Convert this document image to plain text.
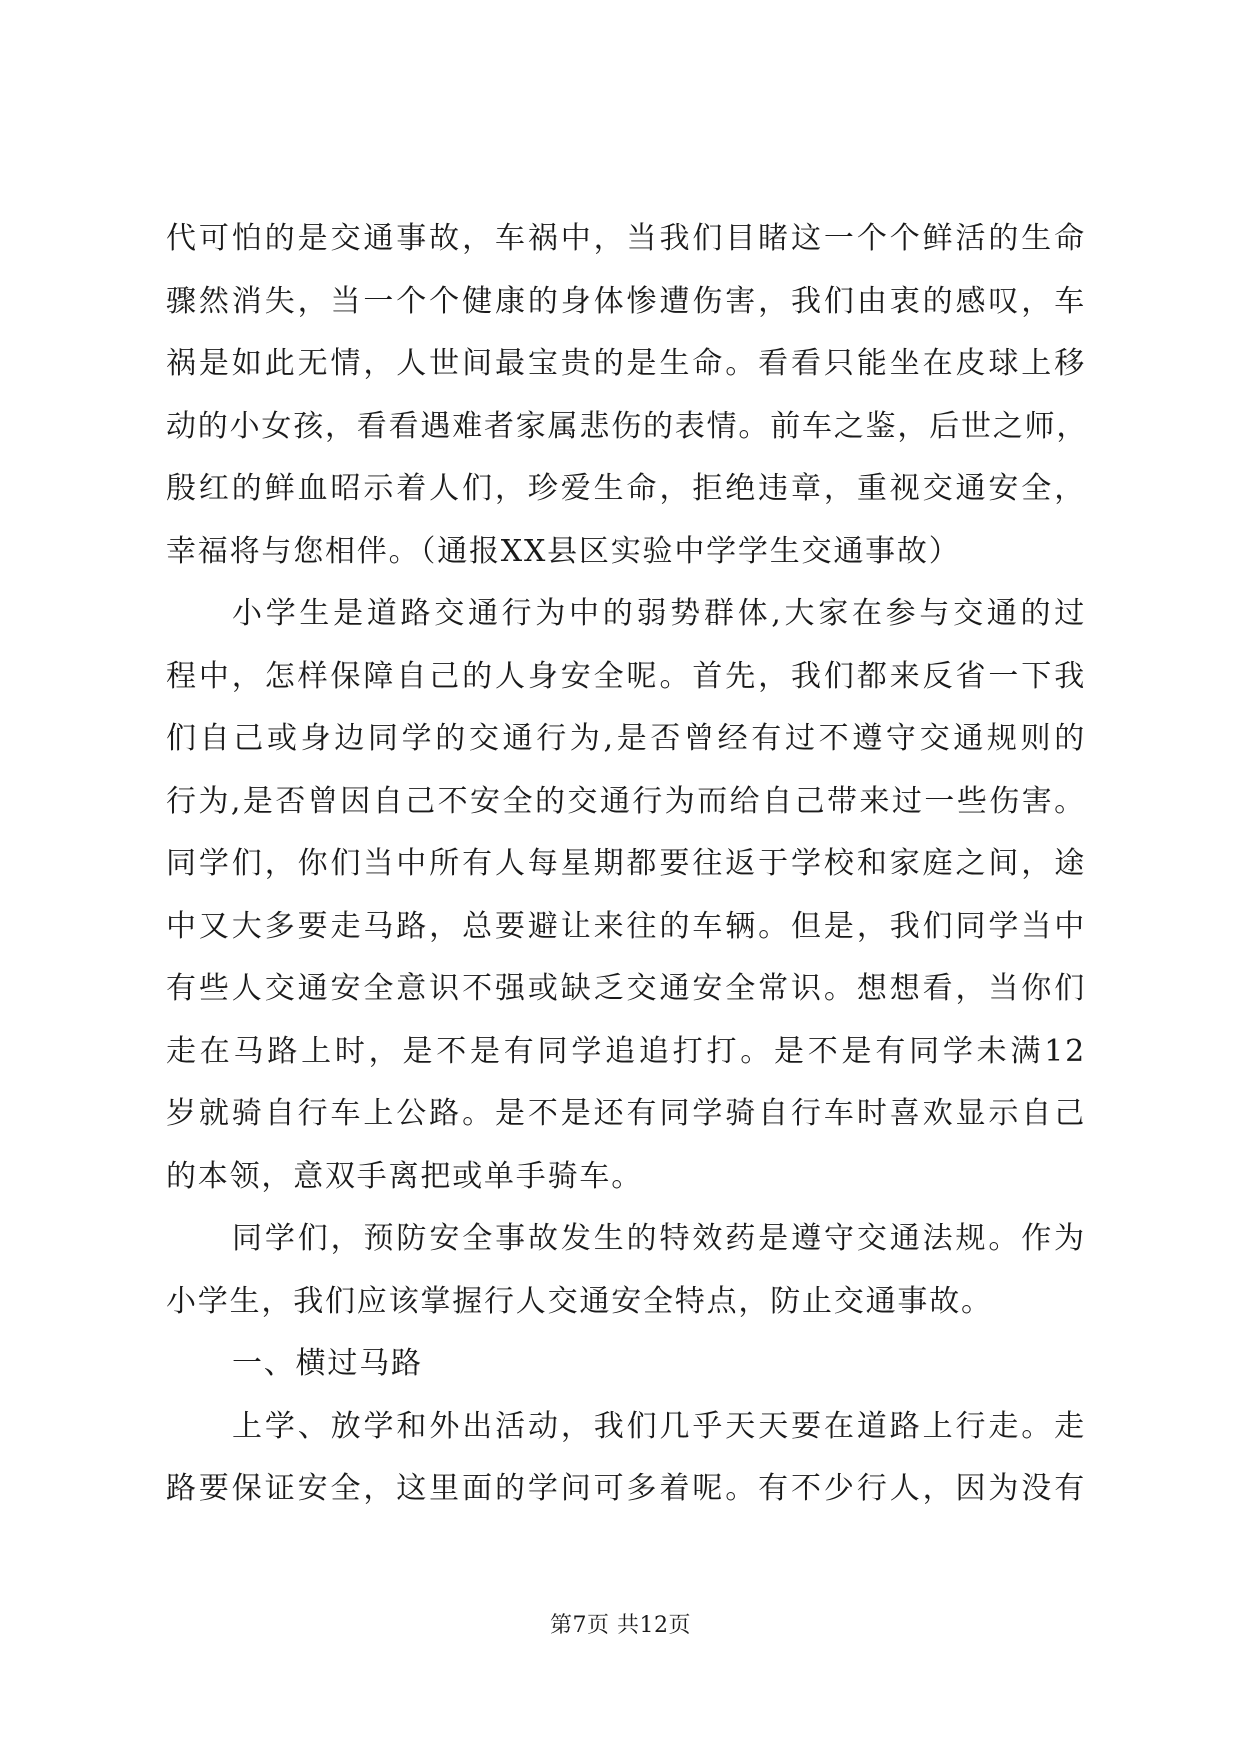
代可怕的是交通事故，车祸中，当我们目睹这一个个鲜活的生命
骤然消失，当一个个健康的身体惨遭伤害，我们由衷的感叹，车
祸是如此无情，人世间最宝贵的是生命。看看只能坐在皮球上移
动的小女孩，看看遇难者家属悲伤的表情。前车之鉴，后世之师，
殷红的鲜血昭示着人们，珍爱生命，拒绝违章，重视交通安全，
幸福将与您相伴。（通报XX县区实验中学学生交通事故）
小学生是道路交通行为中的弱势群体,大家在参与交通的过
程中，怎样保障自己的人身安全呢。首先，我们都来反省一下我
们自己或身边同学的交通行为,是否曾经有过不遵守交通规则的
行为,是否曾因自己不安全的交通行为而给自己带来过一些伤害。
同学们，你们当中所有人每星期都要往返于学校和家庭之间，途
中又大多要走马路，总要避让来往的车辆。但是，我们同学当中
有些人交通安全意识不强或缺乏交通安全常识。想想看，当你们
走在马路上时，是不是有同学追追打打。是不是有同学未满12
岁就骑自行车上公路。是不是还有同学骑自行车时喜欢显示自己
的本领，意双手离把或单手骑车。
同学们，预防安全事故发生的特效药是遵守交通法规。作为
小学生，我们应该掌握行人交通安全特点，防止交通事故。
一、横过马路
上学、放学和外出活动，我们几乎天天要在道路上行走。走
路要保证安全，这里面的学问可多着呢。有不少行人，因为没有
第7页 共12页
